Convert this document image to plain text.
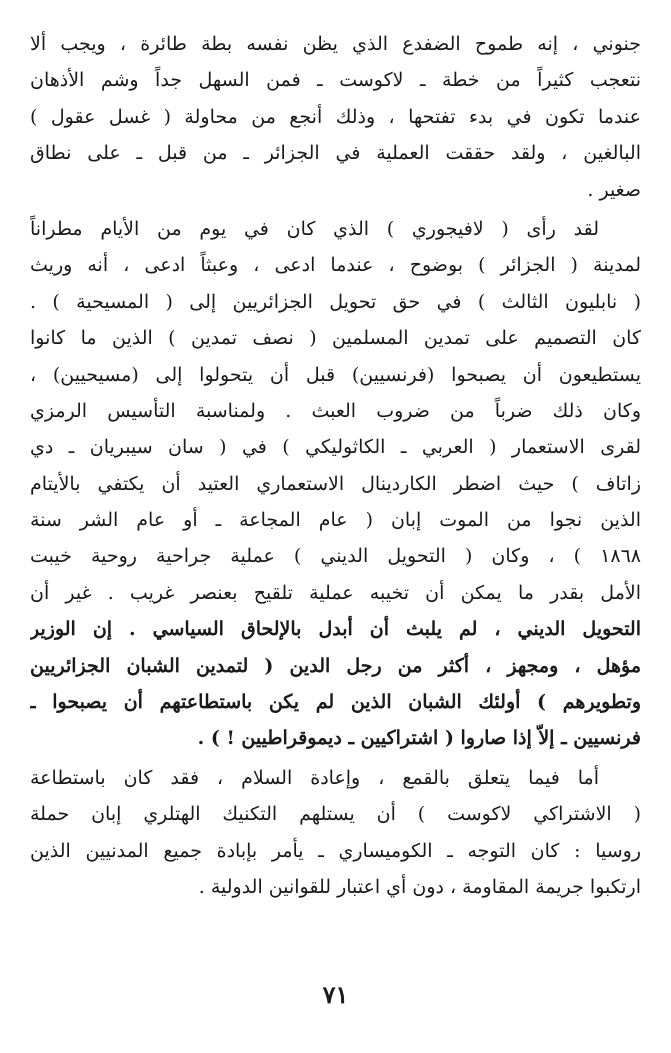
جنوني ، إنه طموح الضفدع الذي يظن نفسه بطة طائرة ، ويجب ألا
نتعجب كثيراً من خطة ـ لاكوست ـ فمن السهل جداً وشم الأذهان
عندما تكون في بدء تفتحها ، وذلك أنجع من محاولة ( غسل عقول )
البالغين ، ولقد حققت العملية في الجزائر ـ من قبل ـ على نطاق
صغير .
لقد رأى ( لافيجوري ) الذي كان في يوم من الأيام مطراناً
لمدينة ( الجزائر ) بوضوح ، عندما ادعى ، وعبثاً ادعى ، أنه وريث
( نابليون الثالث ) في حق تحويل الجزائريين إلى ( المسيحية ) .
كان التصميم على تمدين المسلمين ( نصف تمدين ) الذين ما كانوا
يستطيعون أن يصبحوا (فرنسيين) قبل أن يتحولوا إلى (مسيحيين) ،
وكان ذلك ضرباً من ضروب العبث . ولمناسبة التأسيس الرمزي
لقرى الاستعمار ( العربي ـ الكاثوليكي ) في ( سان سيبريان ـ دي
زاتاف ) حيث اضطر الكاردينال الاستعماري العتيد أن يكتفي بالأيتام
الذين نجوا من الموت إبان ( عام المجاعة ـ أو عام الشر سنة
١٨٦٨ ) ، وكان ( التحويل الديني ) عملية جراحية روحية خيبت
الأمل بقدر ما يمكن أن تخيبه عملية تلقيح بعنصر غريب . غير أن
التحويل الديني ، لم يلبث أن أبدل بالإلحاق السياسي . إن الوزير
مؤهل ، ومجهز ، أكثر من رجل الدين ( لتمدين الشبان الجزائريين
وتطويرهم ) أولئك الشبان الذين لم يكن باستطاعتهم أن يصبحوا ـ
فرنسيين ـ إلاّ إذا صاروا ( اشتراكيين ـ ديموقراطيين ! ) .
أما فيما يتعلق بالقمع ، وإعادة السلام ، فقد كان باستطاعة
( الاشتراكي لاكوست ) أن يستلهم التكنيك الهتلري إبان حملة
روسيا : كان التوجه ـ الكوميساري ـ يأمر بإبادة جميع المدنيين الذين
ارتكبوا جريمة المقاومة ، دون أي اعتبار للقوانين الدولية .
٧١
